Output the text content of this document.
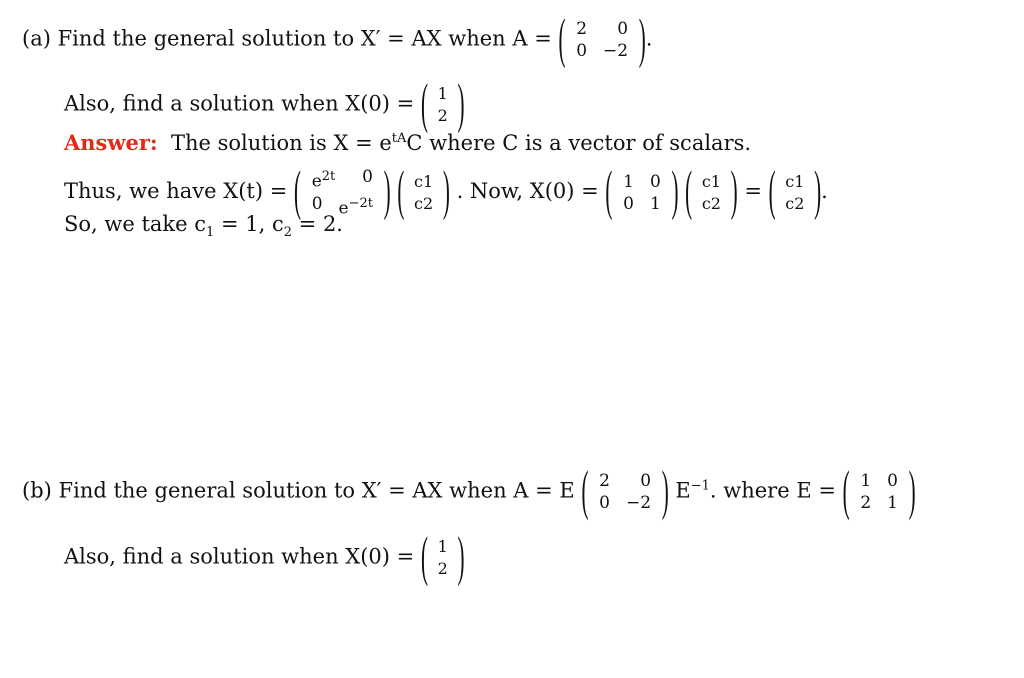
(a) Find the general solution to X′ = AX when A = ( 2 0
0 −2 ).
Also, find a solution when X(0) = ( 1
2 )
Answer: The solution is $X = e^{tA}C$ where C is a vector of scalars.
Thus, we have X(t) = ( $e^{2t}$ 0
0 $e^{-2t}$ ) ( c1
c2 ) . Now, X(0) = ( 1 0
0 1 ) ( c1
c2 ) = ( c1
c2 ).
So, we take $c_1 = 1$, $c_2 = 2$.
(b) Find the general solution to X′ = AX when A = E ( 2 0
0 −2 ) $E^{-1}$. where E = ( 1 0
2 1 )
Also, find a solution when X(0) = ( 1
2 )
